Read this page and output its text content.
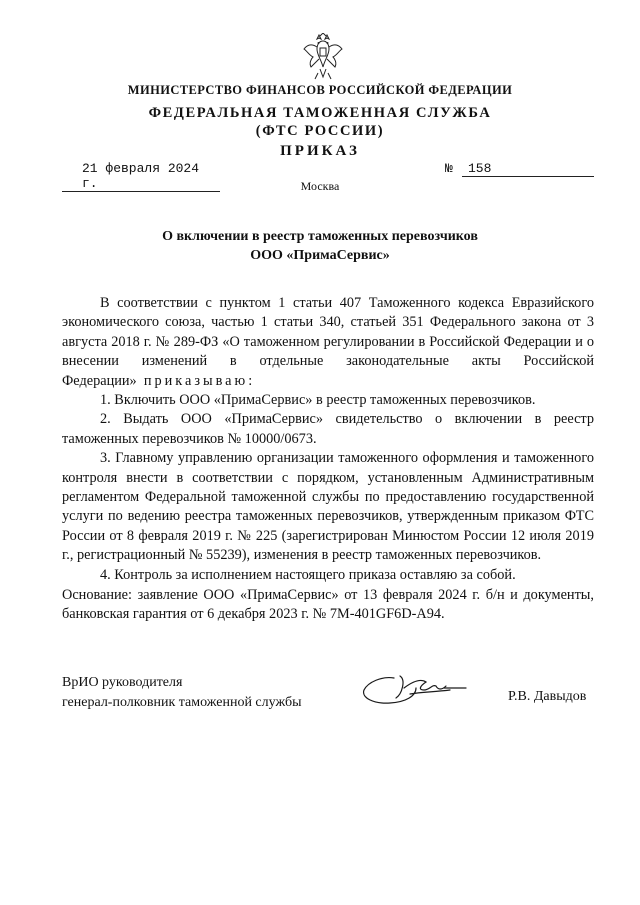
МИНИСТЕРСТВО ФИНАНСОВ РОССИЙСКОЙ ФЕДЕРАЦИИ
ФЕДЕРАЛЬНАЯ ТАМОЖЕННАЯ СЛУЖБА
(ФТС РОССИИ)
ПРИКАЗ
21 февраля 2024 г.
№	158
Москва
О включении в реестр таможенных перевозчиков
ООО «ПримаСервис»

В соответствии с пунктом 1 статьи 407 Таможенного кодекса Евразийского экономического союза, частью 1 статьи 340, статьей 351 Федерального закона от 3 августа 2018 г. № 289-ФЗ «О таможенном регулировании в Российской Федерации и о внесении изменений в отдельные законодательные акты Российской Федерации» приказываю:

1. Включить ООО «ПримаСервис» в реестр таможенных перевозчиков.

2. Выдать ООО «ПримаСервис» свидетельство о включении в реестр таможенных перевозчиков № 10000/0673.

3. Главному управлению организации таможенного оформления и таможенного контроля внести в соответствии с порядком, установленным Административным регламентом Федеральной таможенной службы по предоставлению государственной услуги по ведению реестра таможенных перевозчиков, утвержденным приказом ФТС России от 8 февраля 2019 г. № 225 (зарегистрирован Минюстом России 12 июля 2019 г., регистрационный № 55239), изменения в реестр таможенных перевозчиков.

4. Контроль за исполнением настоящего приказа оставляю за собой.

Основание: заявление ООО «ПримаСервис» от 13 февраля 2024 г. б/н и документы, банковская гарантия от 6 декабря 2023 г. № 7М-401GF6D-A94.

ВрИО руководителя
генерал-полковник таможенной службы	Р.В. Давыдов
